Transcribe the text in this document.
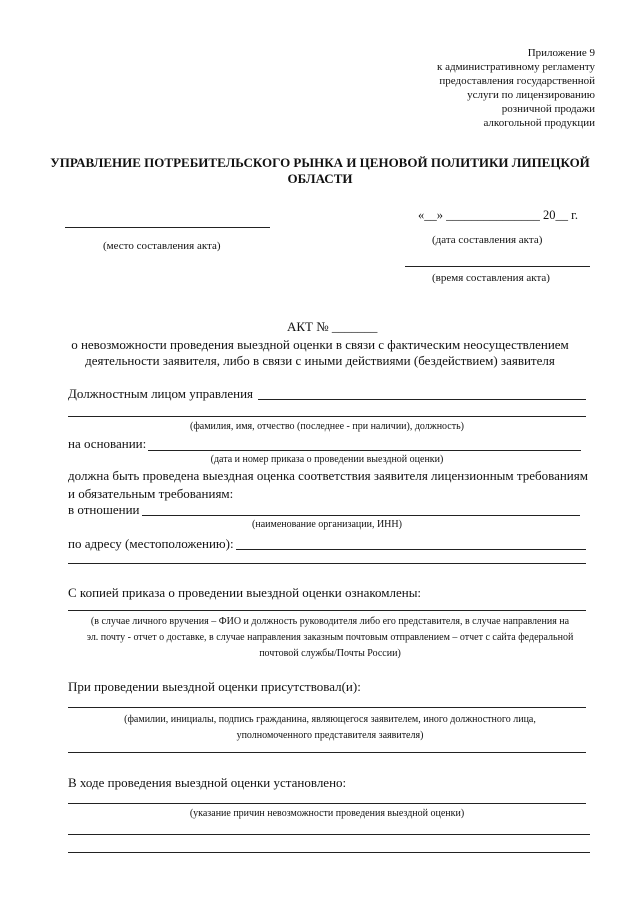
Приложение 9
к административному регламенту
предоставления государственной
услуги по лицензированию
розничной продажи
алкогольной продукции
УПРАВЛЕНИЕ ПОТРЕБИТЕЛЬСКОГО РЫНКА И ЦЕНОВОЙ ПОЛИТИКИ ЛИПЕЦКОЙ
ОБЛАСТИ
(место составления акта)
«__» _______________ 20__ г.
(дата составления акта)
(время составления акта)
АКТ № _______
о невозможности проведения выездной оценки в связи с фактическим неосуществлением
деятельности заявителя, либо в связи с иными действиями (бездействием) заявителя
Должностным лицом управления
(фамилия, имя, отчество (последнее - при наличии), должность)
на основании:
(дата и номер приказа о проведении выездной оценки)
должна быть проведена выездная оценка соответствия заявителя лицензионным требованиям
и обязательным требованиям:
в отношении
(наименование организации, ИНН)
по адресу (местоположению):
С копией приказа о проведении выездной оценки ознакомлены:
(в случае личного вручения – ФИО и должность руководителя либо его представителя, в случае направления на
эл. почту - отчет о доставке, в случае направления заказным почтовым отправлением – отчет с сайта федеральной
почтовой службы/Почты России)
При проведении выездной оценки присутствовал(и):
(фамилии, инициалы, подпись гражданина, являющегося заявителем, иного должностного лица,
уполномоченного представителя заявителя)
В ходе проведения выездной оценки установлено:
(указание причин невозможности проведения выездной оценки)
